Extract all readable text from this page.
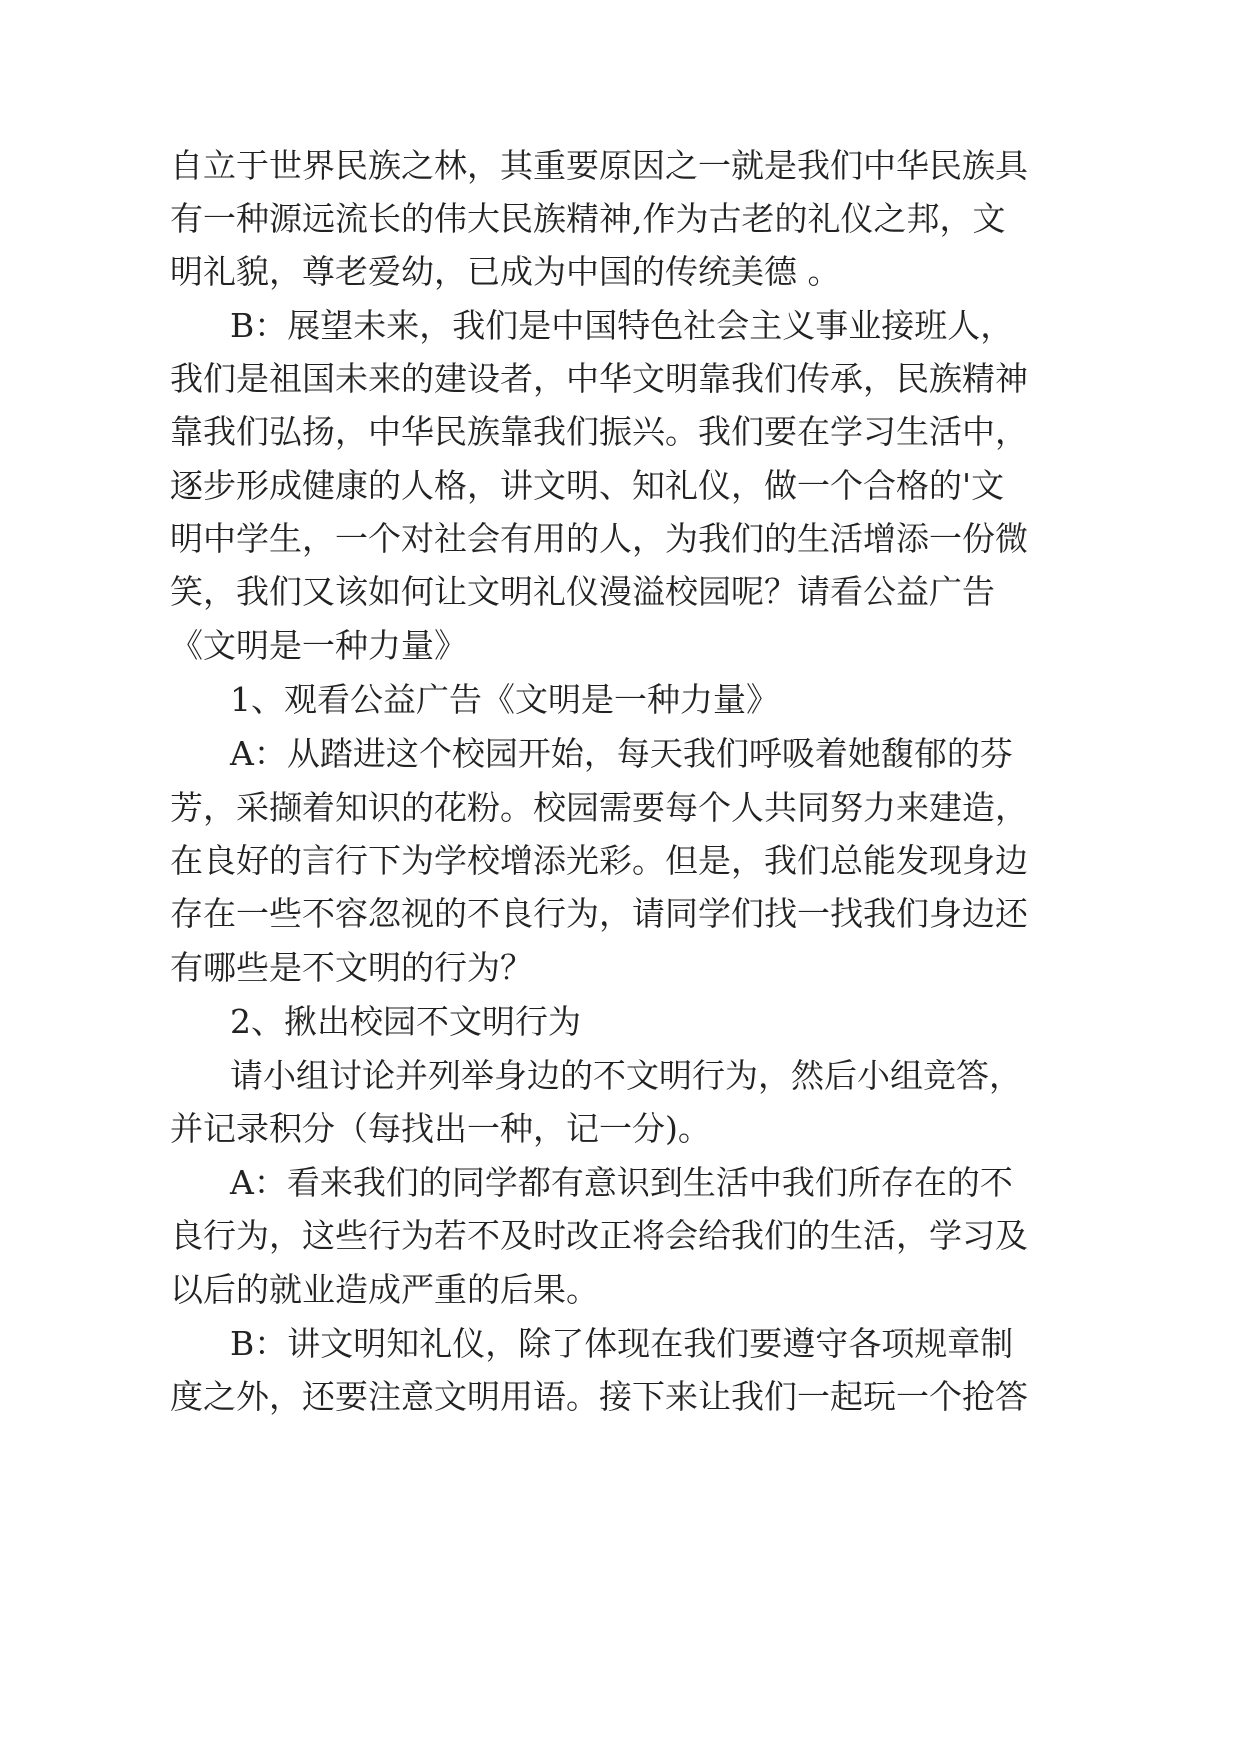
自立于世界民族之林，其重要原因之一就是我们中华民族具
有一种源远流长的伟大民族精神,作为古老的礼仪之邦，文
明礼貌，尊老爱幼，已成为中国的传统美德 。
B：展望未来，我们是中国特色社会主义事业接班人，
我们是祖国未来的建设者，中华文明靠我们传承，民族精神
靠我们弘扬，中华民族靠我们振兴。我们要在学习生活中，
逐步形成健康的人格，讲文明、知礼仪，做一个合格的'文
明中学生，一个对社会有用的人，为我们的生活增添一份微
笑，我们又该如何让文明礼仪漫溢校园呢？请看公益广告
《文明是一种力量》
1、观看公益广告《文明是一种力量》
A：从踏进这个校园开始，每天我们呼吸着她馥郁的芬
芳，采撷着知识的花粉。校园需要每个人共同努力来建造，
在良好的言行下为学校增添光彩。但是，我们总能发现身边
存在一些不容忽视的不良行为，请同学们找一找我们身边还
有哪些是不文明的行为？
2、揪出校园不文明行为
请小组讨论并列举身边的不文明行为，然后小组竞答，
并记录积分（每找出一种，记一分)。
A：看来我们的同学都有意识到生活中我们所存在的不
良行为，这些行为若不及时改正将会给我们的生活，学习及
以后的就业造成严重的后果。
B：讲文明知礼仪，除了体现在我们要遵守各项规章制
度之外，还要注意文明用语。接下来让我们一起玩一个抢答
